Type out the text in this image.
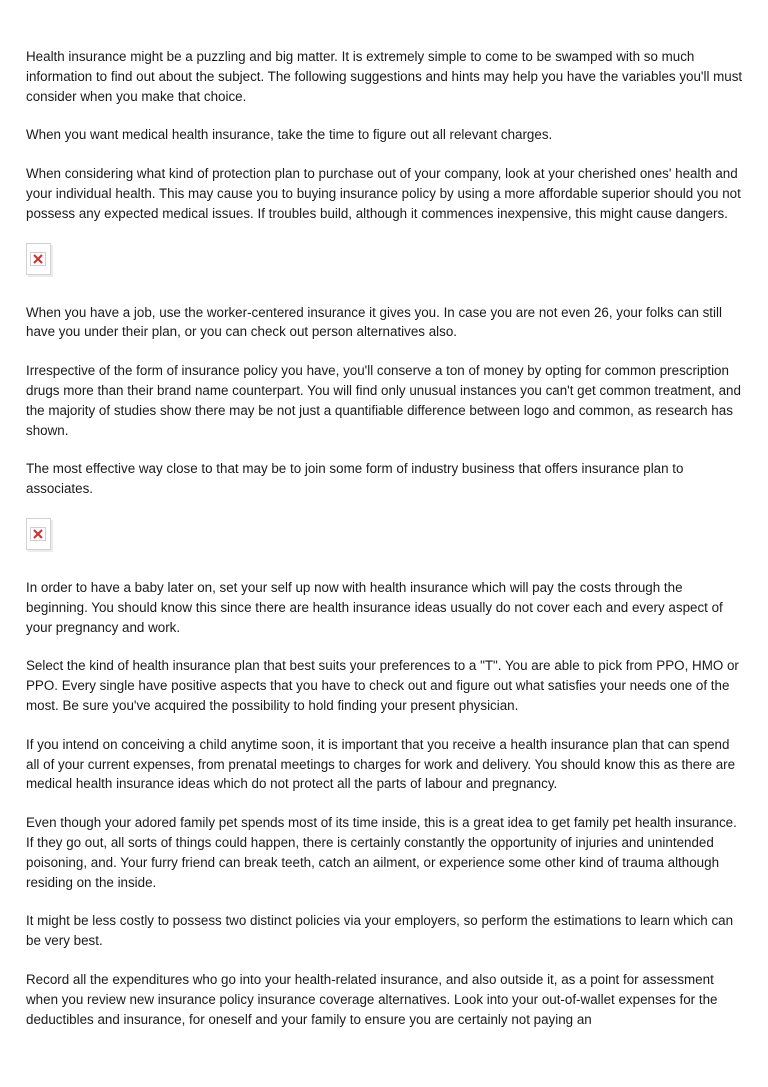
Health insurance might be a puzzling and big matter. It is extremely simple to come to be swamped with so much information to find out about the subject. The following suggestions and hints may help you have the variables you'll must consider when you make that choice.

When you want medical health insurance, take the time to figure out all relevant charges.

When considering what kind of protection plan to purchase out of your company, look at your cherished ones' health and your individual health. This may cause you to buying insurance policy by using a more affordable superior should you not possess any expected medical issues. If troubles build, although it commences inexpensive, this might cause dangers.

When you have a job, use the worker-centered insurance it gives you. In case you are not even 26, your folks can still have you under their plan, or you can check out person alternatives also.

Irrespective of the form of insurance policy you have, you'll conserve a ton of money by opting for common prescription drugs more than their brand name counterpart. You will find only unusual instances you can't get common treatment, and the majority of studies show there may be not just a quantifiable difference between logo and common, as research has shown.

The most effective way close to that may be to join some form of industry business that offers insurance plan to associates.

In order to have a baby later on, set your self up now with health insurance which will pay the costs through the beginning. You should know this since there are health insurance ideas usually do not cover each and every aspect of your pregnancy and work.

Select the kind of health insurance plan that best suits your preferences to a "T". You are able to pick from PPO, HMO or PPO. Every single have positive aspects that you have to check out and figure out what satisfies your needs one of the most. Be sure you've acquired the possibility to hold finding your present physician.

If you intend on conceiving a child anytime soon, it is important that you receive a health insurance plan that can spend all of your current expenses, from prenatal meetings to charges for work and delivery. You should know this as there are medical health insurance ideas which do not protect all the parts of labour and pregnancy.

Even though your adored family pet spends most of its time inside, this is a great idea to get family pet health insurance. If they go out, all sorts of things could happen, there is certainly constantly the opportunity of injuries and unintended poisoning, and. Your furry friend can break teeth, catch an ailment, or experience some other kind of trauma although residing on the inside.

It might be less costly to possess two distinct policies via your employers, so perform the estimations to learn which can be very best.

Record all the expenditures who go into your health-related insurance, and also outside it, as a point for assessment when you review new insurance policy insurance coverage alternatives. Look into your out-of-wallet expenses for the deductibles and insurance, for oneself and your family to ensure you are certainly not paying an
